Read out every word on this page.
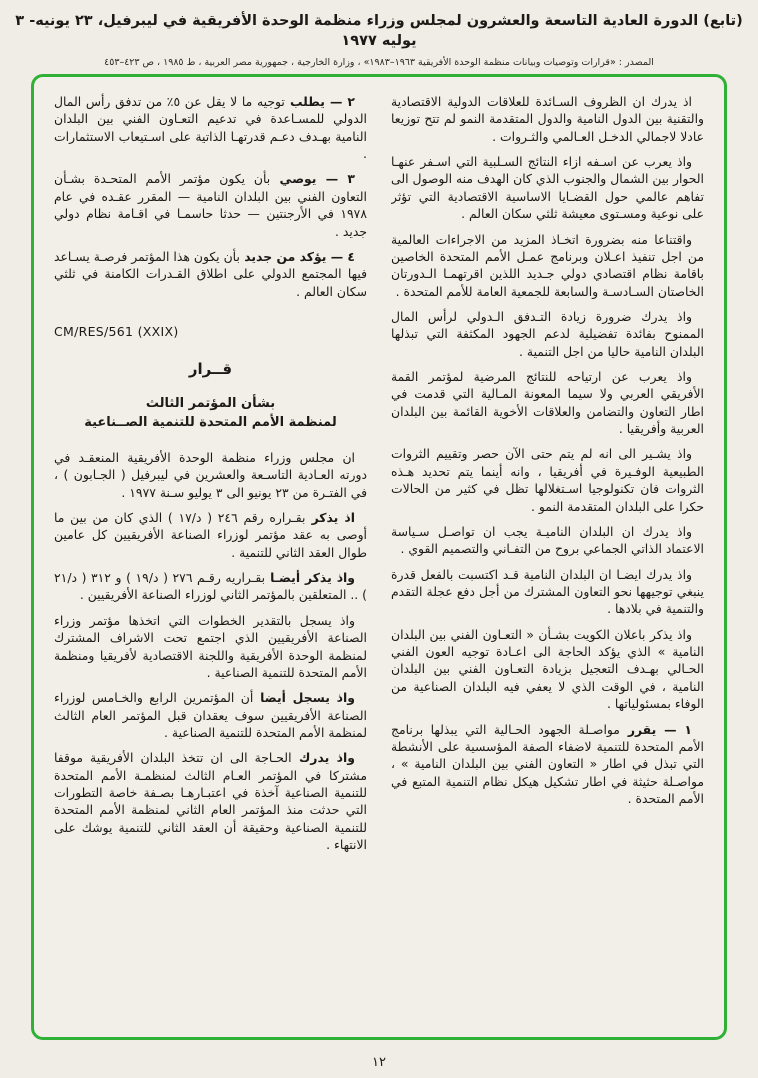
(تابع) الدورة العادية التاسعة والعشرون لمجلس وزراء منظمة الوحدة الأفريقية في ليبرفيل، ٢٣ يونيه- ٣ يوليه ١٩٧٧
المصدر : «قرارات وتوصيات وبيانات منظمة الوحدة الأفريقية ١٩٦٣–١٩٨٣» ، وزارة الخارجية ، جمهورية مصر العربية ، ط ١٩٨٥ ، ص ٤٢٣–٤٥٣

اذ يدركان الظروف السـائدة للعلاقات الدولية الاقتصادية والتقنية بين الدول النامية والدول المتقدمة النمو لم تتح توزيعا عادلا لاجمالي الدخـل العـالمي والثـروات .

واذ يعربعن اسـفه ازاء النتائج السـلبية التي اسـفر عنهـا الحوار بين الشمال والجنوب الذي كان الهدف منه الوصول الى تفاهم عالمي حول القضـايا الاساسية الاقتصادية التي تؤثر على نوعية ومسـتوى معيشة ثلثي سكان العالم .

واقتناعامنه بضرورة اتخـاذ المزيد من الاجراءات العالمية من اجل تنفيذ اعـلان وبرنامج عمـل الأمم المتحدة الخاصين باقامة نظام اقتصادي دولي جـديد اللذين اقرتهمـا الـدورتان الخاصتان السـادسـة والسابعة للجمعية العامة للأمم المتحدة .

واذ يدركضرورة زيادة التـدفق الـدولي لرأس المال الممنوح بفائدة تفضيلية لدعم الجهود المكثفة التي تبذلها البلدان النامية حاليا من اجل التنمية .

واذ يعربعن ارتياحه للنتائج المرضية لمؤتمر القمة الأفريقي العربي ولا سيما المعونة المـالية التي قدمت في اطار التعاون والتضامن والعلاقات الأخوية القائمة بين البلدان العربية وأفريقيا .

واذ يشـيرالى انه لم يتم حتى الآن حصر وتقييم الثروات الطبيعية الوفـيرة في أفريقيا ، وانه أينما يتم تحديد هـذه الثروات فان تكنولوجيا اسـتغلالها تظل في كثير من الحالات حكرا على البلدان المتقدمة النمو .

واذ يدركان البلدان الناميـة يجب ان تواصـل سـياسة الاعتماد الذاتي الجماعي بروح من التفـاني والتصميم القوي .

واذ يدرك ايضـاان البلدان النامية قـد اكتسبت بالفعل قدرة ينبغي توجيهها نحو التعاون المشترك من أجل دفع عجلة التقدم والتنمية في بلادها .

واذ يذكرباعلان الكويت بشـأن « التعـاون الفني بين البلدان النامية » الذي يؤكد الحاجة الى اعـادة توجيه العون الفني الحـالي بهـدف التعجيل بزيادة التعـاون الفني بين البلدان النامية ، في الوقت الذي لا يعفي فيه البلدان الصناعية من الوفاء بمسئولياتها .

١ — يقررمواصـلة الجهود الحـالية التي يبذلها برنامج الأمم المتحدة للتنمية لاضفاء الصفة المؤسسية على الأنشطة التي تبذل في اطار « التعاون الفني بين البلدان النامية » ، مواصـلة حثيثة في اطار تشكيل هيكل نظام التنمية المتبع في الأمم المتحدة .

٢ — يطلبتوجيه ما لا يقل عن ٥٪ من تدفق رأس المال الدولي للمسـاعدة في تدعيم التعـاون الفني بين البلدان النامية بهـدف دعـم قدرتهـا الذاتية على اسـتيعاب الاستثمارات .

٣ — يوصيبأن يكون مؤتمر الأمم المتحـدة بشـأن التعاون الفني بين البلدان النامية — المقرر عقـده في عام ١٩٧٨ في الأرجنتين — حدثا حاسمـا في اقـامة نظام دولي جديد .

٤ — يؤكد من جديدبأن يكون هذا المؤتمر فرصـة يسـاعد فيها المجتمع الدولي على اطلاق القـدرات الكامنة في ثلثي سكان العالم .

CM/RES/561 (XXIX)

قــرار

بشأن المؤتمر الثالث
لمنظمة الأمم المتحدة للتنمية الصــناعية

ان مجلس وزراء منظمة الوحدة الأفريقية المنعقـد في دورته العـادية التاسـعة والعشرين في ليبرفيل ( الجـابون ) ، في الفتـرة من ٢٣ يونيو الى ٣ يوليو سـنة ١٩٧٧ .

اذ يذكربقـراره رقم ٢٤٦ ( د/١٧ ) الذي كان من بين ما أوصى به عقد مؤتمر لوزراء الصناعة الأفريقيين كل عامين طوال العقد الثاني للتنمية .

واذ يذكر أيضـابقـراريه رقـم ٢٧٦ ( د/١٩ ) و ٣١٢ ( د/٢١ ) .. المتعلقين بالمؤتمر الثاني لوزراء الصناعة الأفريقيين .

واذ يسجلبالتقدير الخطوات التي اتخذها مؤتمر وزراء الصناعة الأفريقيين الذي اجتمع تحت الاشراف المشترك لمنظمة الوحدة الأفريقية واللجنة الاقتصادية لأفريقيا ومنظمة الأمم المتحدة للتنمية الصناعية .

واذ يسجل أيضاأن المؤتمرين الرابع والخـامس لوزراء الصناعة الأفريقيين سوف يعقدان قبل المؤتمر العام الثالث لمنظمة الأمم المتحدة للتنمية الصناعية .

واذ يدركالحـاجة الى ان تتخذ البلدان الأفريقية موقفا مشتركا في المؤتمر العـام الثالث لمنظمـة الأمم المتحدة للتنمية الصناعية آخذة في اعتبـارهـا بصـفة خاصة التطورات التي حدثت منذ المؤتمر العام الثاني لمنظمة الأمم المتحدة للتنمية الصناعية وحقيقة أن العقد الثاني للتنمية يوشك على الانتهاء .

١٢
